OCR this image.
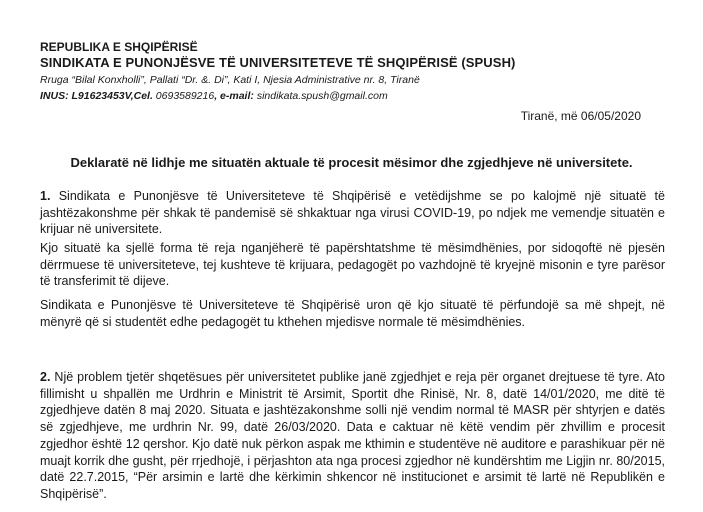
REPUBLIKA E SHQIPËRISË
SINDIKATA E PUNONJËSVE TË UNIVERSITETEVE TË SHQIPËRISË (SPUSH)
Rruga “Bilal Konxholli”, Pallati “Dr. &. Di”, Kati I, Njesia Administrative nr. 8, Tiranë
INUS: L91623453V,Cel. 0693589216, e-mail: sindikata.spush@gmail.com
Tiranë, më 06/05/2020
Deklaratë në lidhje me situatën aktuale të procesit mësimor dhe zgjedhjeve në universitete.
1. Sindikata e Punonjësve të Universiteteve të Shqipërisë e vetëdijshme se po kalojmë një situatë të jashtëzakonshme për shkak të pandemisë së shkaktuar nga virusi COVID-19, po ndjek me vemendje situatën e krijuar në universitete.
Kjo situatë ka sjellë forma të reja nganjëherë të papërshtatshme të mësimdhënies, por sidoqoftë në pjesën dërrmuese të universiteteve, tej kushteve të krijuara, pedagogët po vazhdojnë të kryejnë misonin e tyre parësor të transferimit të dijeve.
Sindikata e Punonjësve të Universiteteve të Shqipërisë uron që kjo situatë të përfundojë sa më shpejt, në mënyrë që si studentët edhe pedagogët tu kthehen mjedisve normale të mësimdhënies.
2. Një problem tjetër shqetësues për universitetet publike janë zgjedhjet e reja për organet drejtuese të tyre. Ato fillimisht u shpallën me Urdhrin e Ministrit të Arsimit, Sportit dhe Rinisë, Nr. 8, datë 14/01/2020, me ditë të zgjedhjeve datën 8 maj 2020. Situata e jashtëzakonshme solli një vendim normal të MASR për shtyrjen e datës së zgjedhjeve, me urdhrin Nr. 99, datë 26/03/2020. Data e caktuar në këtë vendim për zhvillim e procesit zgjedhor është 12 qershor. Kjo datë nuk përkon aspak me kthimin e studentëve në auditore e parashikuar për në muajt korrik dhe gusht, për rrjedhojë, i përjashton ata nga procesi zgjedhor në kundërshtim me Ligjin nr. 80/2015, datë 22.7.2015, “Për arsimin e lartë dhe kërkimin shkencor në institucionet e arsimit të lartë në Republikën e Shqipërisë”.
